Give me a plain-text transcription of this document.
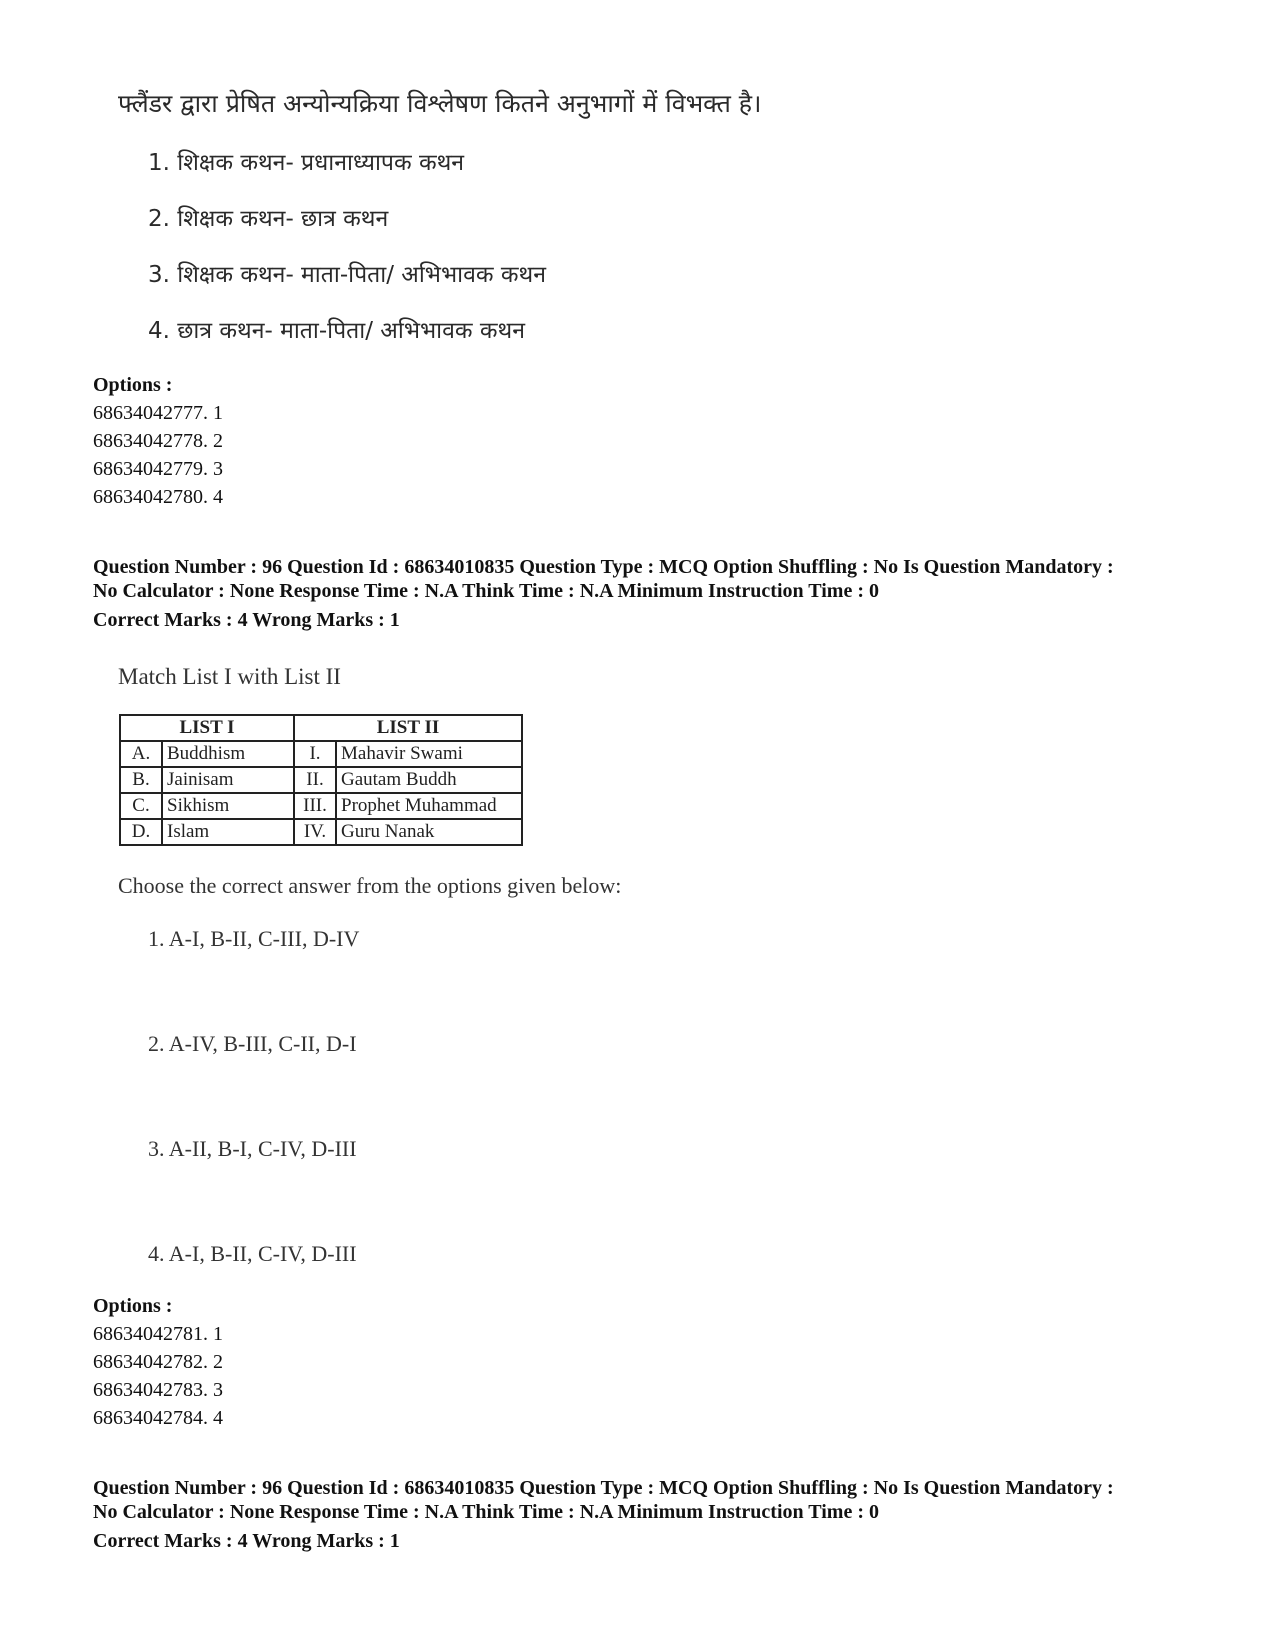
फ्लैंडर द्वारा प्रेषित अन्योन्यक्रिया विश्लेषण कितने अनुभागों में विभक्त है।
1. शिक्षक कथन- प्रधानाध्यापक कथन
2. शिक्षक कथन- छात्र कथन
3. शिक्षक कथन- माता-पिता/ अभिभावक कथन
4. छात्र कथन- माता-पिता/ अभिभावक कथन
Options :
68634042777. 1
68634042778. 2
68634042779. 3
68634042780. 4
Question Number : 96 Question Id : 68634010835 Question Type : MCQ Option Shuffling : No Is Question Mandatory :
No Calculator : None Response Time : N.A Think Time : N.A Minimum Instruction Time : 0
Correct Marks : 4 Wrong Marks : 1
Match List I with List II
LIST I		LIST II	
A.	Buddhism	I.	Mahavir Swami
B.	Jainisam	II.	Gautam Buddh
C.	Sikhism	III.	Prophet Muhammad
D.	Islam	IV.	Guru Nanak
Choose the correct answer from the options given below:
1. A-I, B-II, C-III, D-IV
2. A-IV, B-III, C-II, D-I
3. A-II, B-I, C-IV, D-III
4. A-I, B-II, C-IV, D-III
Options :
68634042781. 1
68634042782. 2
68634042783. 3
68634042784. 4
Question Number : 96 Question Id : 68634010835 Question Type : MCQ Option Shuffling : No Is Question Mandatory :
No Calculator : None Response Time : N.A Think Time : N.A Minimum Instruction Time : 0
Correct Marks : 4 Wrong Marks : 1
